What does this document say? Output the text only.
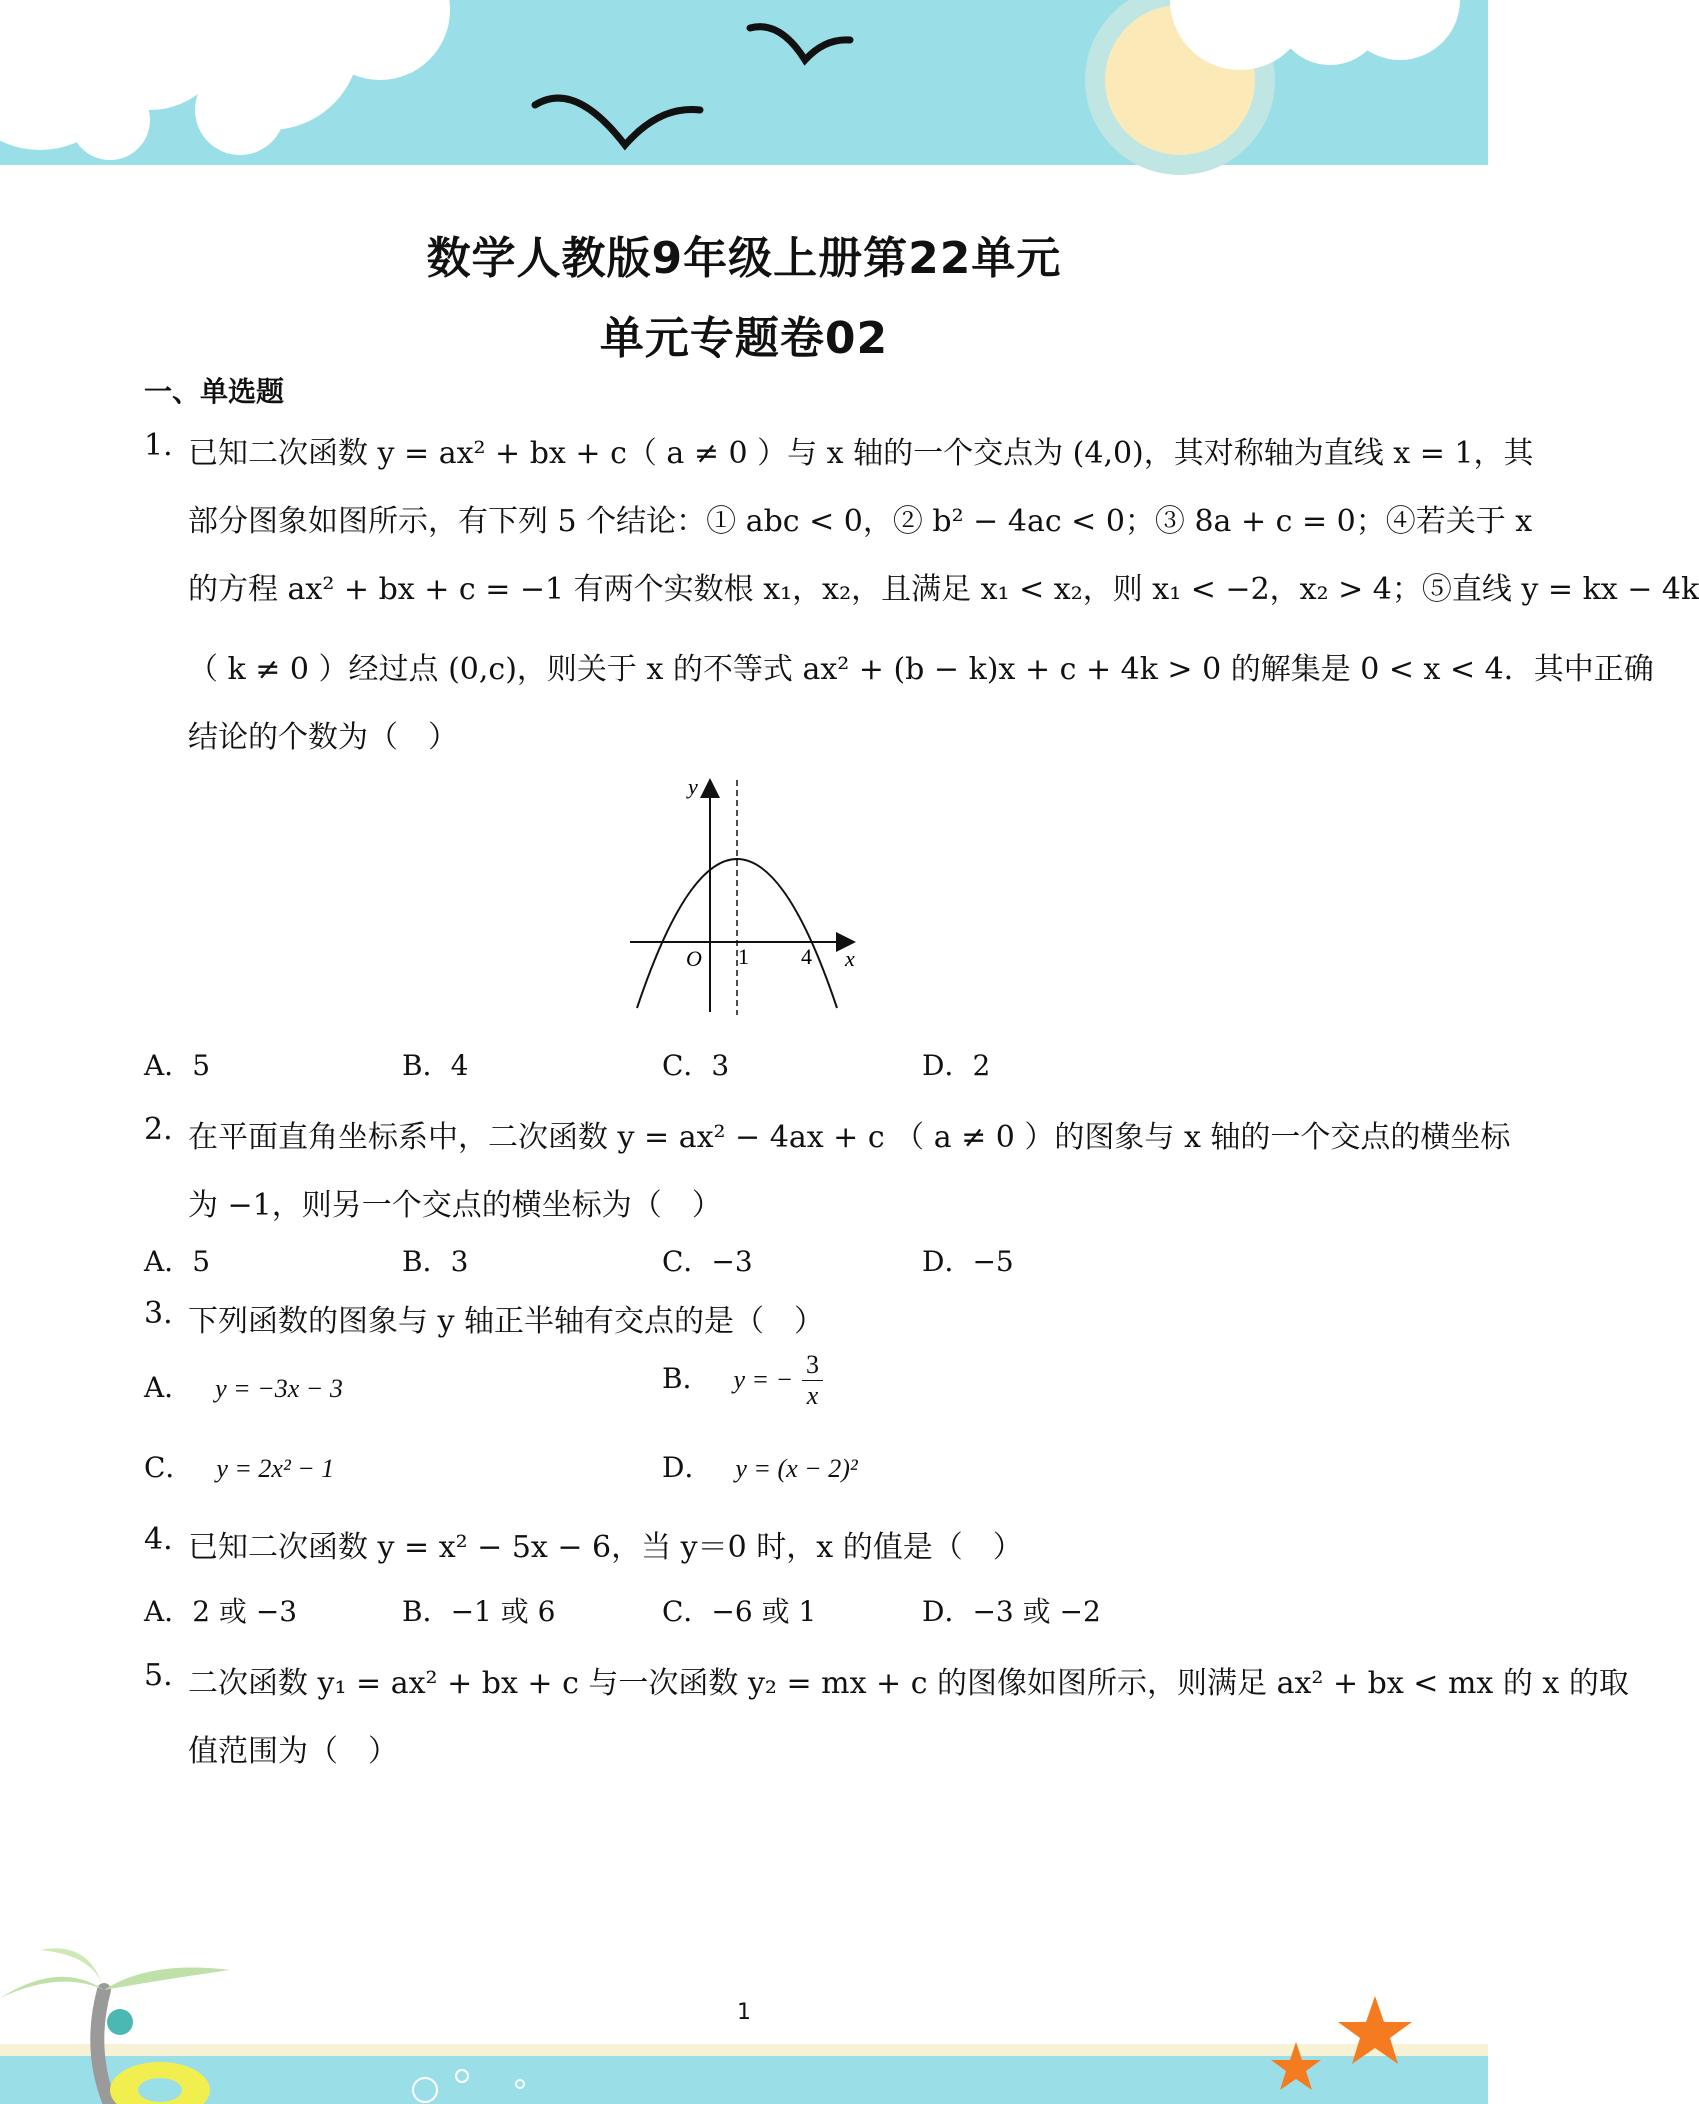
数学人教版9年级上册第22单元
单元专题卷02
一、单选题
1. 已知二次函数 y = ax² + bx + c（ a ≠ 0 ）与 x 轴的一个交点为 (4,0)，其对称轴为直线 x = 1，其
部分图象如图所示，有下列 5 个结论：① abc < 0，② b² − 4ac < 0；③ 8a + c = 0；④若关于 x
的方程 ax² + bx + c = −1 有两个实数根 x₁，x₂，且满足 x₁ < x₂，则 x₁ < −2，x₂ > 4；⑤直线 y = kx − 4k
（ k ≠ 0 ）经过点 (0,c)，则关于 x 的不等式 ax² + (b − k)x + c + 4k > 0 的解集是 0 < x < 4．其中正确
结论的个数为（　）
y
x
O 1 4
A．5	B．4	C．3	D．2
2. 在平面直角坐标系中，二次函数 y = ax² − 4ax + c （ a ≠ 0 ）的图象与 x 轴的一个交点的横坐标
为 −1，则另一个交点的横坐标为（　）
A．5	B．3	C．−3	D．−5
3. 下列函数的图象与 y 轴正半轴有交点的是（　）
A． y = −3x − 3	B． y = − $\frac{3}{x}$
C． y = 2x² − 1	D． y = (x − 2)²
4. 已知二次函数 y = x² − 5x − 6，当 y＝0 时，x 的值是（　）
A．2 或 −3	B．−1 或 6	C．−6 或 1	D．−3 或 −2
5. 二次函数 y₁ = ax² + bx + c 与一次函数 y₂ = mx + c 的图像如图所示，则满足 ax² + bx < mx 的 x 的取
值范围为（　）
1
